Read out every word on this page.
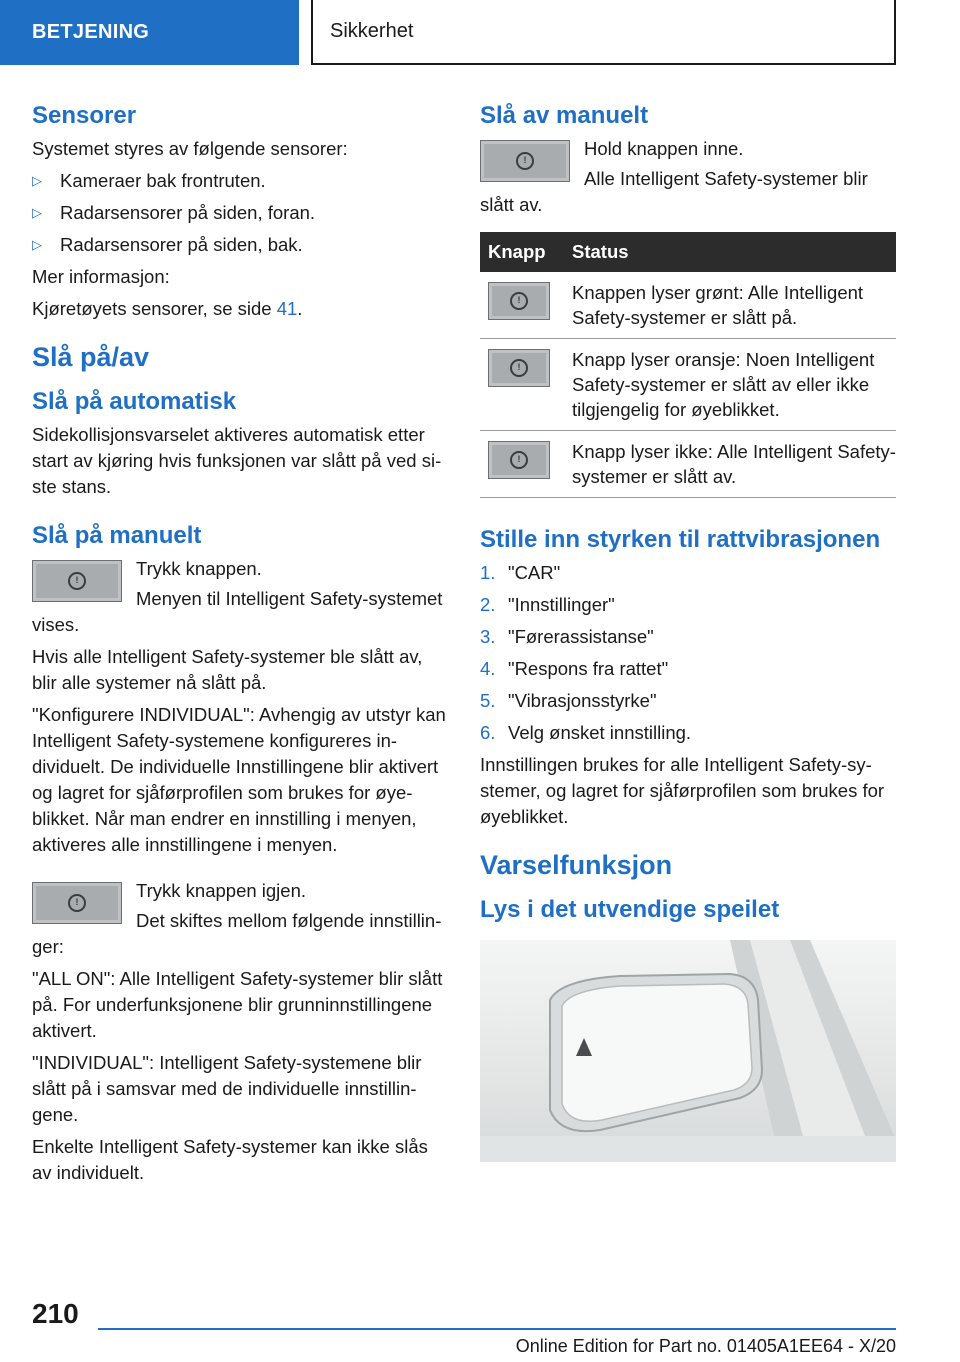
BETJENING	Sikkerhet
Sensorer

Systemet styres av følgende sensorer:

▷ Kameraer bak frontruten.
▷ Radarsensorer på siden, foran.
▷ Radarsensorer på siden, bak.

Mer informasjon:

Kjøretøyets sensorer, se side 41.

Slå på/av
Slå på automatisk

Sidekollisjonsvarselet aktiveres automatisk etter start av kjøring hvis funksjonen var slått på ved siste stans.

Slå på manuelt
!

Trykk knappen.

Menyen til Intelligent Safety-systemet vises.

Hvis alle Intelligent Safety-systemer ble slått av, blir alle systemer nå slått på.

"Konfigurere INDIVIDUAL": Avhengig av utstyr kan Intelligent Safety-systemene konfigureres individuelt. De individuelle Innstillingene blir aktivert og lagret for sjåførprofilen som brukes for øyeblikket. Når man endrer en innstilling i menyen, aktiveres alle innstillingene i menyen.

!

Trykk knappen igjen.

Det skiftes mellom følgende innstillinger:

"ALL ON": Alle Intelligent Safety-systemer blir slått på. For underfunksjonene blir grunninnstillingene aktivert.

"INDIVIDUAL": Intelligent Safety-systemene blir slått på i samsvar med de individuelle innstillingene.

Enkelte Intelligent Safety-systemer kan ikke slås av individuelt.

Slå av manuelt
!

Hold knappen inne.

Alle Intelligent Safety-systemer blir slått av.

Knapp	Status

!	Knappen lyser grønt: Alle Intelligent Safety-systemer er slått på.

!	Knapp lyser oransje: Noen Intelligent Safety-systemer er slått av eller ikke tilgjengelig for øyeblikket.

!	Knapp lyser ikke: Alle Intelligent Safety-systemer er slått av.
Stille inn styrken til rattvibrasjonen
1. "CAR"
2. "Innstillinger"
3. "Førerassistanse"
4. "Respons fra rattet"
5. "Vibrasjonsstyrke"
6. Velg ønsket innstilling.

Innstillingen brukes for alle Intelligent Safety-systemer, og lagret for sjåførprofilen som brukes for øyeblikket.

Varselfunksjon
Lys i det utvendige speilet
210
Online Edition for Part no. 01405A1EE64 - X/20
